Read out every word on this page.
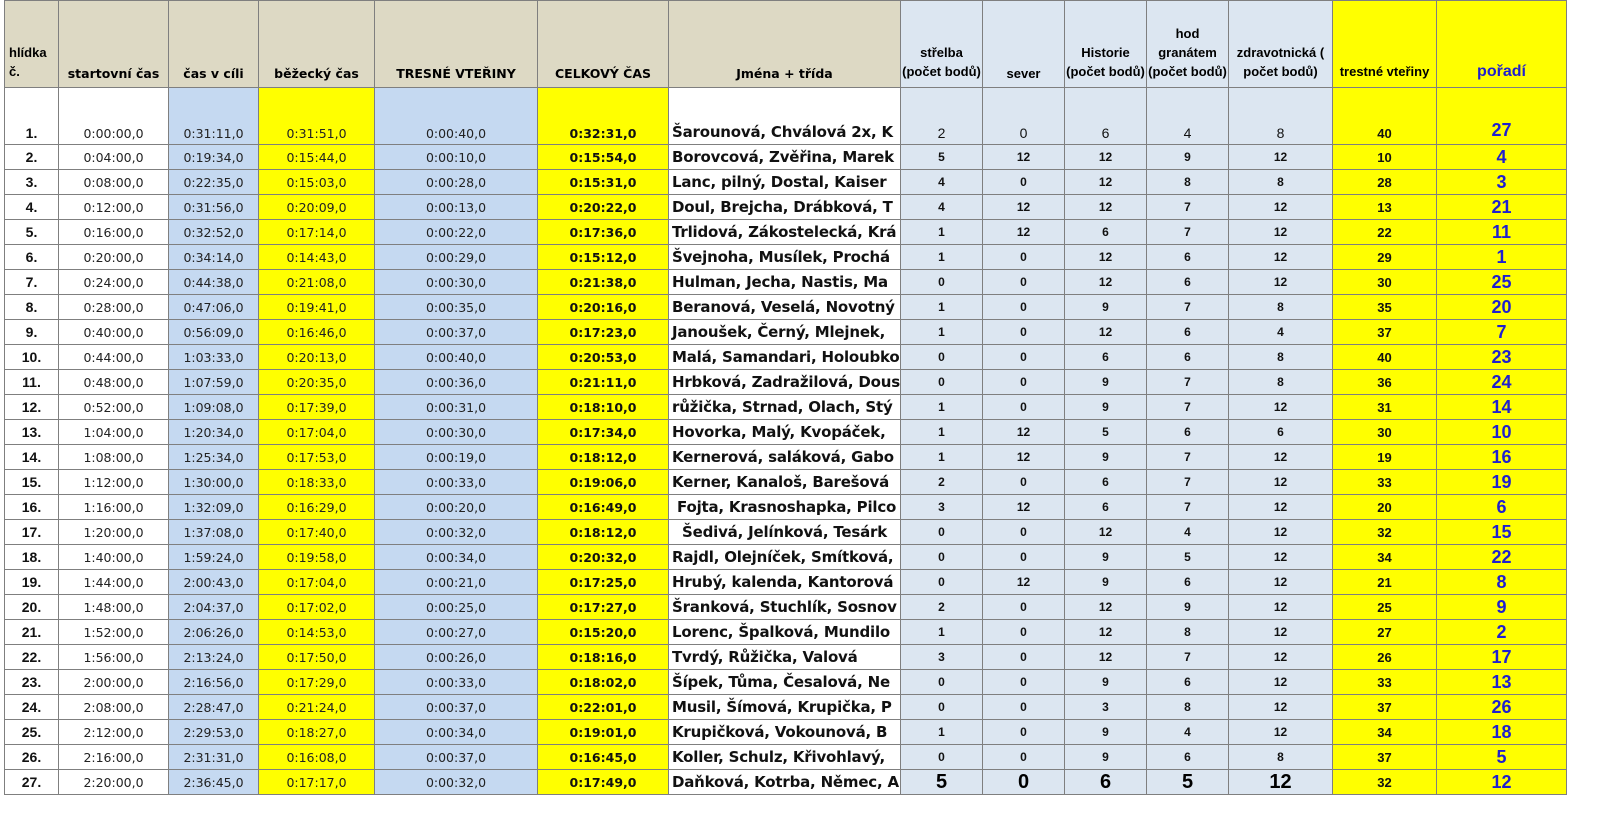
hlídka č.	startovní čas	čas v cíli	běžecký čas	TRESNÉ VTEŘINY	CELKOVÝ ČAS	Jména + třída	střelba (počet bodů)	sever	Historie (počet bodů)	hod granátem (počet bodů)	zdravotnická ( počet bodů)	trestné vteřiny	pořadí
1.	0:00:00,0	0:31:11,0	0:31:51,0	0:00:40,0	0:32:31,0	Šarounová, Chválová 2x, K	2	0	6	4	8	40	27
2.	0:04:00,0	0:19:34,0	0:15:44,0	0:00:10,0	0:15:54,0	Borovcová, Zvěřina, Marek	5	12	12	9	12	10	4
3.	0:08:00,0	0:22:35,0	0:15:03,0	0:00:28,0	0:15:31,0	Lanc, pilný, Dostal, Kaiser	4	0	12	8	8	28	3
4.	0:12:00,0	0:31:56,0	0:20:09,0	0:00:13,0	0:20:22,0	Doul, Brejcha, Drábková, T	4	12	12	7	12	13	21
5.	0:16:00,0	0:32:52,0	0:17:14,0	0:00:22,0	0:17:36,0	Trlidová, Zákostelecká, Krá	1	12	6	7	12	22	11
6.	0:20:00,0	0:34:14,0	0:14:43,0	0:00:29,0	0:15:12,0	Švejnoha, Musílek, Prochá	1	0	12	6	12	29	1
7.	0:24:00,0	0:44:38,0	0:21:08,0	0:00:30,0	0:21:38,0	Hulman, Jecha, Nastis, Ma	0	0	12	6	12	30	25
8.	0:28:00,0	0:47:06,0	0:19:41,0	0:00:35,0	0:20:16,0	Beranová, Veselá, Novotný	1	0	9	7	8	35	20
9.	0:40:00,0	0:56:09,0	0:16:46,0	0:00:37,0	0:17:23,0	Janoušek, Černý, Mlejnek,	1	0	12	6	4	37	7
10.	0:44:00,0	1:03:33,0	0:20:13,0	0:00:40,0	0:20:53,0	Malá, Samandari, Holoubko	0	0	6	6	8	40	23
11.	0:48:00,0	1:07:59,0	0:20:35,0	0:00:36,0	0:21:11,0	Hrbková, Zadražilová, Dous	0	0	9	7	8	36	24
12.	0:52:00,0	1:09:08,0	0:17:39,0	0:00:31,0	0:18:10,0	růžička, Strnad, Olach, Stý	1	0	9	7	12	31	14
13.	1:04:00,0	1:20:34,0	0:17:04,0	0:00:30,0	0:17:34,0	Hovorka, Malý, Kvopáček,	1	12	5	6	6	30	10
14.	1:08:00,0	1:25:34,0	0:17:53,0	0:00:19,0	0:18:12,0	Kernerová, saláková, Gabo	1	12	9	7	12	19	16
15.	1:12:00,0	1:30:00,0	0:18:33,0	0:00:33,0	0:19:06,0	Kerner, Kanaloš, Barešová	2	0	6	7	12	33	19
16.	1:16:00,0	1:32:09,0	0:16:29,0	0:00:20,0	0:16:49,0	Fojta, Krasnoshapka, Pilco	3	12	6	7	12	20	6
17.	1:20:00,0	1:37:08,0	0:17:40,0	0:00:32,0	0:18:12,0	Šedivá, Jelínková, Tesárk	0	0	12	4	12	32	15
18.	1:40:00,0	1:59:24,0	0:19:58,0	0:00:34,0	0:20:32,0	Rajdl, Olejníček, Smítková,	0	0	9	5	12	34	22
19.	1:44:00,0	2:00:43,0	0:17:04,0	0:00:21,0	0:17:25,0	Hrubý, kalenda, Kantorová	0	12	9	6	12	21	8
20.	1:48:00,0	2:04:37,0	0:17:02,0	0:00:25,0	0:17:27,0	Šranková, Stuchlík, Sosnov	2	0	12	9	12	25	9
21.	1:52:00,0	2:06:26,0	0:14:53,0	0:00:27,0	0:15:20,0	Lorenc, Špalková, Mundilo	1	0	12	8	12	27	2
22.	1:56:00,0	2:13:24,0	0:17:50,0	0:00:26,0	0:18:16,0	Tvrdý, Růžička, Valová	3	0	12	7	12	26	17
23.	2:00:00,0	2:16:56,0	0:17:29,0	0:00:33,0	0:18:02,0	Šípek, Tůma, Česalová, Ne	0	0	9	6	12	33	13
24.	2:08:00,0	2:28:47,0	0:21:24,0	0:00:37,0	0:22:01,0	Musil, Šímová, Krupička, P	0	0	3	8	12	37	26
25.	2:12:00,0	2:29:53,0	0:18:27,0	0:00:34,0	0:19:01,0	Krupičková, Vokounová, B	1	0	9	4	12	34	18
26.	2:16:00,0	2:31:31,0	0:16:08,0	0:00:37,0	0:16:45,0	Koller, Schulz, Křivohlavý,	0	0	9	6	8	37	5
27.	2:20:00,0	2:36:45,0	0:17:17,0	0:00:32,0	0:17:49,0	Daňková, Kotrba, Němec, A	5	0	6	5	12	32	12
